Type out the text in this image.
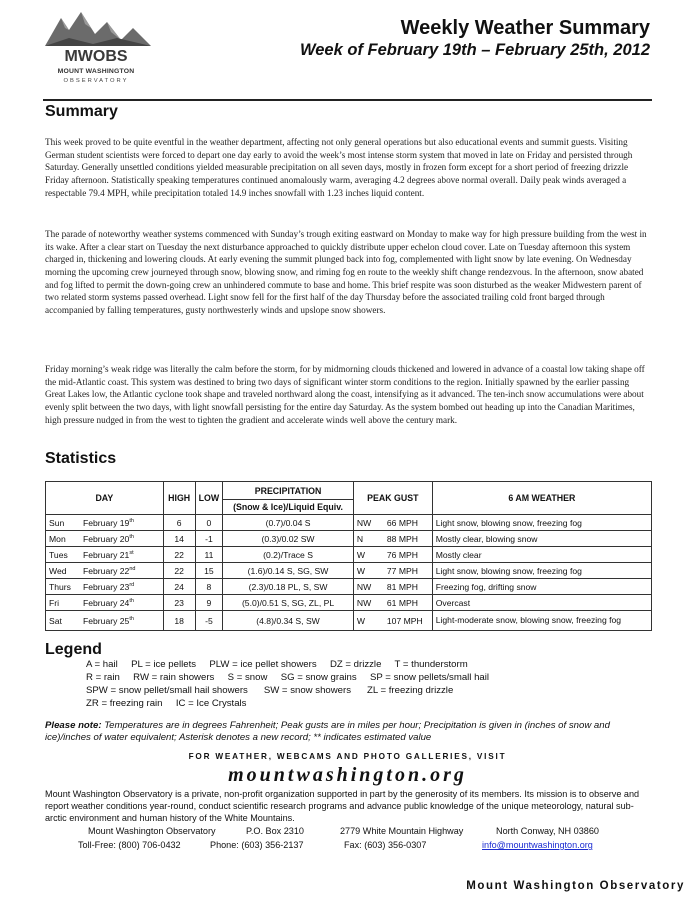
MWOBS
MOUNT WASHINGTON
OBSERVATORY
Weekly Weather Summary
Week of February 19th – February 25th, 2012
Summary

This week proved to be quite eventful in the weather department, affecting not only general operations but also educational events and summit guests. Visiting German student scientists were forced to depart one day early to avoid the week’s most intense storm system that moved in late on Friday and persisted through Saturday. Generally unsettled conditions yielded measurable precipitation on all seven days, mostly in frozen form except for a short period of freezing drizzle Friday afternoon. Statistically speaking temperatures continued anomalously warm, averaging 4.2 degrees above normal overall. Daily peak winds averaged a respectable 79.4 MPH, while precipitation totaled 14.9 inches snowfall with 1.23 inches liquid content.

The parade of noteworthy weather systems commenced with Sunday’s trough exiting eastward on Monday to make way for high pressure building from the west in its wake. After a clear start on Tuesday the next disturbance approached to quickly distribute upper echelon cloud cover. Late on Tuesday afternoon this system charged in, thickening and lowering clouds. At early evening the summit plunged back into fog, complemented with light snow by late evening. On Wednesday morning the upcoming crew journeyed through snow, blowing snow, and riming fog en route to the weekly shift change rendezvous. In the afternoon, snow abated and fog lifted to permit the down-going crew an unhindered commute to base and home. This brief respite was soon disturbed as the weaker Midwestern parent of two related storm systems passed overhead. Light snow fell for the first half of the day Thursday before the associated trailing cold front barged through accompanied by falling temperatures, gusty northwesterly winds and upslope snow showers.

Friday morning’s weak ridge was literally the calm before the storm, for by midmorning clouds thickened and lowered in advance of a coastal low taking shape off the mid-Atlantic coast. This system was destined to bring two days of significant winter storm conditions to the region. Initially spawned by the earlier passing Great Lakes low, the Atlantic cyclone took shape and traveled northward along the coast, intensifying as it advanced. The ten-inch snow accumulations were about evenly split between the two days, with light snowfall persisting for the entire day Saturday. As the system bombed out heading up into the Canadian Maritimes, high pressure nudged in from the west to tighten the gradient and accelerate winds well above the century mark.

Statistics
DAY	HIGH	LOW	PRECIPITATION	PEAK GUST	6 AM WEATHER
			(Snow & Ice)/Liquid Equiv.		
Sun February 19th	6	0	(0.7)/0.04 S	NW 66 MPH	Light snow, blowing snow, freezing fog
Mon February 20th	14	-1	(0.3)/0.02 SW	N 88 MPH	Mostly clear, blowing snow
Tues February 21st	22	11	(0.2)/Trace S	W 76 MPH	Mostly clear
Wed February 22nd	22	15	(1.6)/0.14 S, SG, SW	W 77 MPH	Light snow, blowing snow, freezing fog
Thurs February 23rd	24	8	(2.3)/0.18 PL, S, SW	NW 81 MPH	Freezing fog, drifting snow
Fri February 24th	23	9	(5.0)/0.51 S, SG, ZL, PL	NW 61 MPH	Overcast
Sat February 25th	18	-5	(4.8)/0.34 S, SW	W 107 MPH	Light-moderate snow, blowing snow, freezing fog
Legend
A = hail     PL = ice pellets     PLW = ice pellet showers     DZ = drizzle     T = thunderstorm
R = rain     RW = rain showers     S = snow     SG = snow grains     SP = snow pellets/small hail
SPW = snow pellet/small hail showers      SW = snow showers      ZL = freezing drizzle
ZR = freezing rain     IC = Ice Crystals
Please note: Temperatures are in degrees Fahrenheit; Peak gusts are in miles per hour; Precipitation is given in (inches of snow and ice)/inches of water equivalent; Asterisk denotes a new record; ** indicates estimated value
FOR WEATHER, WEBCAMS AND PHOTO GALLERIES, VISIT
mountwashington.org
Mount Washington Observatory is a private, non-profit organization supported in part by the generosity of its members. Its mission is to observe and report weather conditions year-round, conduct scientific research programs and advance public knowledge of the unique meteorology, natural sub-arctic environment and human history of the White Mountains.
Mount Washington Observatory	P.O. Box 2310	2779 White Mountain Highway	North Conway, NH 03860
Toll-Free: (800) 706-0432	Phone: (603) 356-2137	Fax: (603) 356-0307	info@mountwashington.org
Mount Washington Observatory
